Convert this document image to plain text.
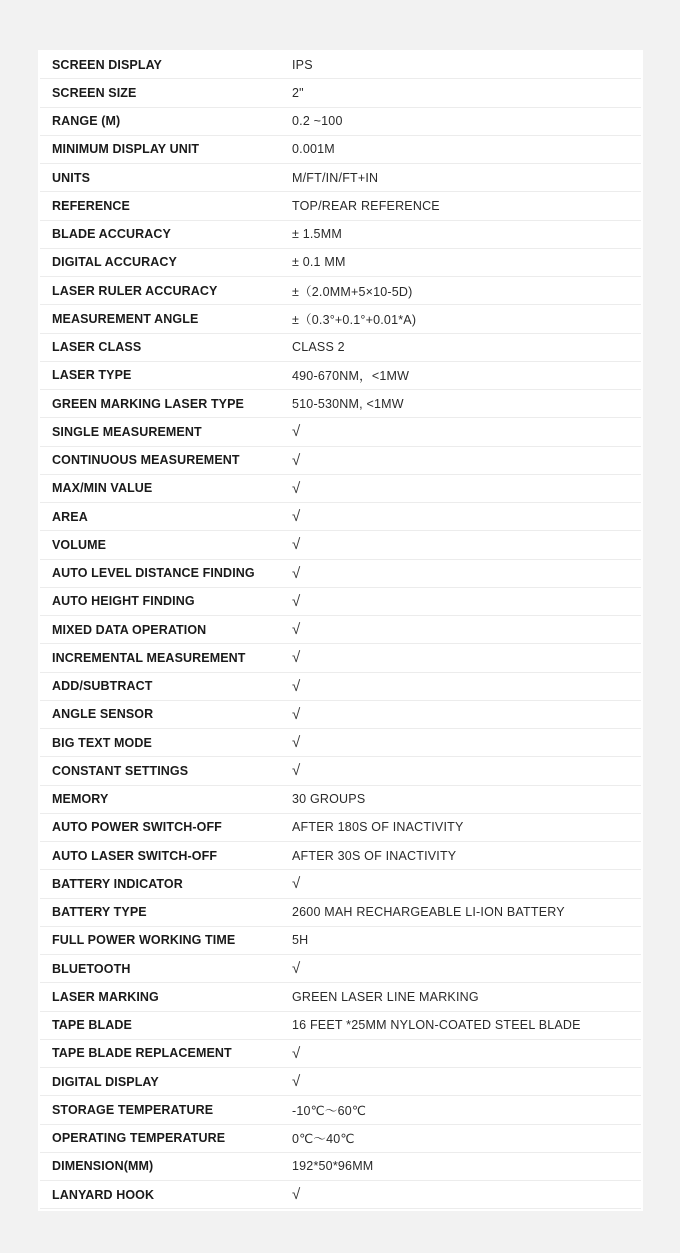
SCREEN DISPLAY	IPS
SCREEN SIZE	2"
RANGE (M)	0.2 ~100
MINIMUM DISPLAY UNIT	0.001M
UNITS	M/FT/IN/FT+IN
REFERENCE	TOP/REAR REFERENCE
BLADE ACCURACY	± 1.5MM
DIGITAL ACCURACY	± 0.1 MM
LASER RULER ACCURACY	±（2.0MM+5×10-5D)
MEASUREMENT ANGLE	±（0.3°+0.1°+0.01*A)
LASER CLASS	CLASS 2
LASER TYPE	490-670NM，<1MW
GREEN MARKING LASER TYPE	510-530NM, <1MW
SINGLE MEASUREMENT	√
CONTINUOUS MEASUREMENT	√
MAX/MIN VALUE	√
AREA	√
VOLUME	√
AUTO LEVEL DISTANCE FINDING	√
AUTO HEIGHT FINDING	√
MIXED DATA OPERATION	√
INCREMENTAL MEASUREMENT	√
ADD/SUBTRACT	√
ANGLE SENSOR	√
BIG TEXT MODE	√
CONSTANT SETTINGS	√
MEMORY	30 GROUPS
AUTO POWER SWITCH-OFF	AFTER 180S OF INACTIVITY
AUTO LASER SWITCH-OFF	AFTER 30S OF INACTIVITY
BATTERY INDICATOR	√
BATTERY TYPE	2600 MAH RECHARGEABLE LI-ION BATTERY
FULL POWER WORKING TIME	5H
BLUETOOTH	√
LASER MARKING	GREEN LASER LINE MARKING
TAPE BLADE	16 FEET *25MM NYLON-COATED STEEL BLADE
TAPE BLADE REPLACEMENT	√
DIGITAL DISPLAY	√
STORAGE TEMPERATURE	-10℃～60℃
OPERATING TEMPERATURE	0℃～40℃
DIMENSION(MM)	192*50*96MM
LANYARD HOOK	√
